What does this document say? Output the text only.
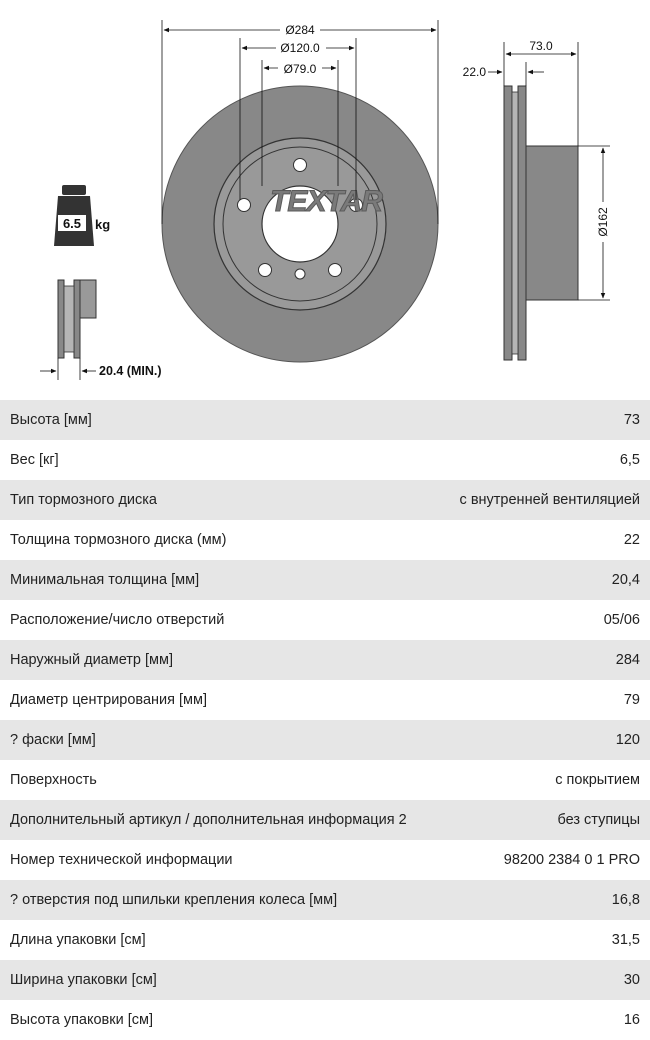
TEXTAR
Ø284
Ø120.0
Ø79.0
73.0
22.0
Ø162
6.5 kg
20.4 (MIN.)
Высота [мм]	73
Вес [кг]	6,5
Тип тормозного диска	с внутренней вентиляцией
Толщина тормозного диска (мм)	22
Минимальная толщина [мм]	20,4
Расположение/число отверстий	05/06
Наружный диаметр [мм]	284
Диаметр центрирования [мм]	79
? фаски [мм]	120
Поверхность	с покрытием
Дополнительный артикул / дополнительная информация 2	без ступицы
Номер технической информации	98200 2384 0 1 PRO
? отверстия под шпильки крепления колеса [мм]	16,8
Длина упаковки [см]	31,5
Ширина упаковки [см]	30
Высота упаковки [см]	16
